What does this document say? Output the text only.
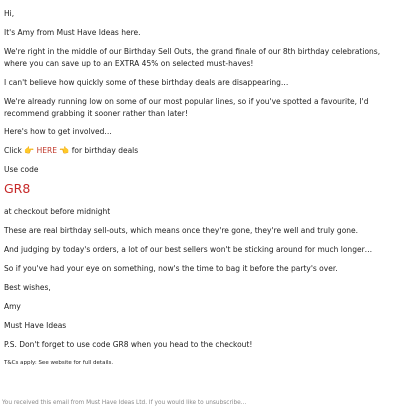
Hi,

It's Amy from Must Have Ideas here.

We're right in the middle of our Birthday Sell Outs, the grand finale of our 8th birthday celebrations, where you can save up to an EXTRA 45% on selected must-haves!

I can't believe how quickly some of these birthday deals are disappearing…

We're already running low on some of our most popular lines, so if you've spotted a favourite, I'd recommend grabbing it sooner rather than later!

Here's how to get involved…

Click 👉 HERE 👈 for birthday deals

Use code

GR8

at checkout before midnight

These are real birthday sell-outs, which means once they're gone, they're well and truly gone.

And judging by today's orders, a lot of our best sellers won't be sticking around for much longer…

So if you've had your eye on something, now's the time to bag it before the party's over.

Best wishes,

Amy

Must Have Ideas

P.S. Don't forget to use code GR8 when you head to the checkout!

T&Cs apply: See website for full details.

You received this email from Must Have Ideas Ltd. If you would like to unsubscribe...
